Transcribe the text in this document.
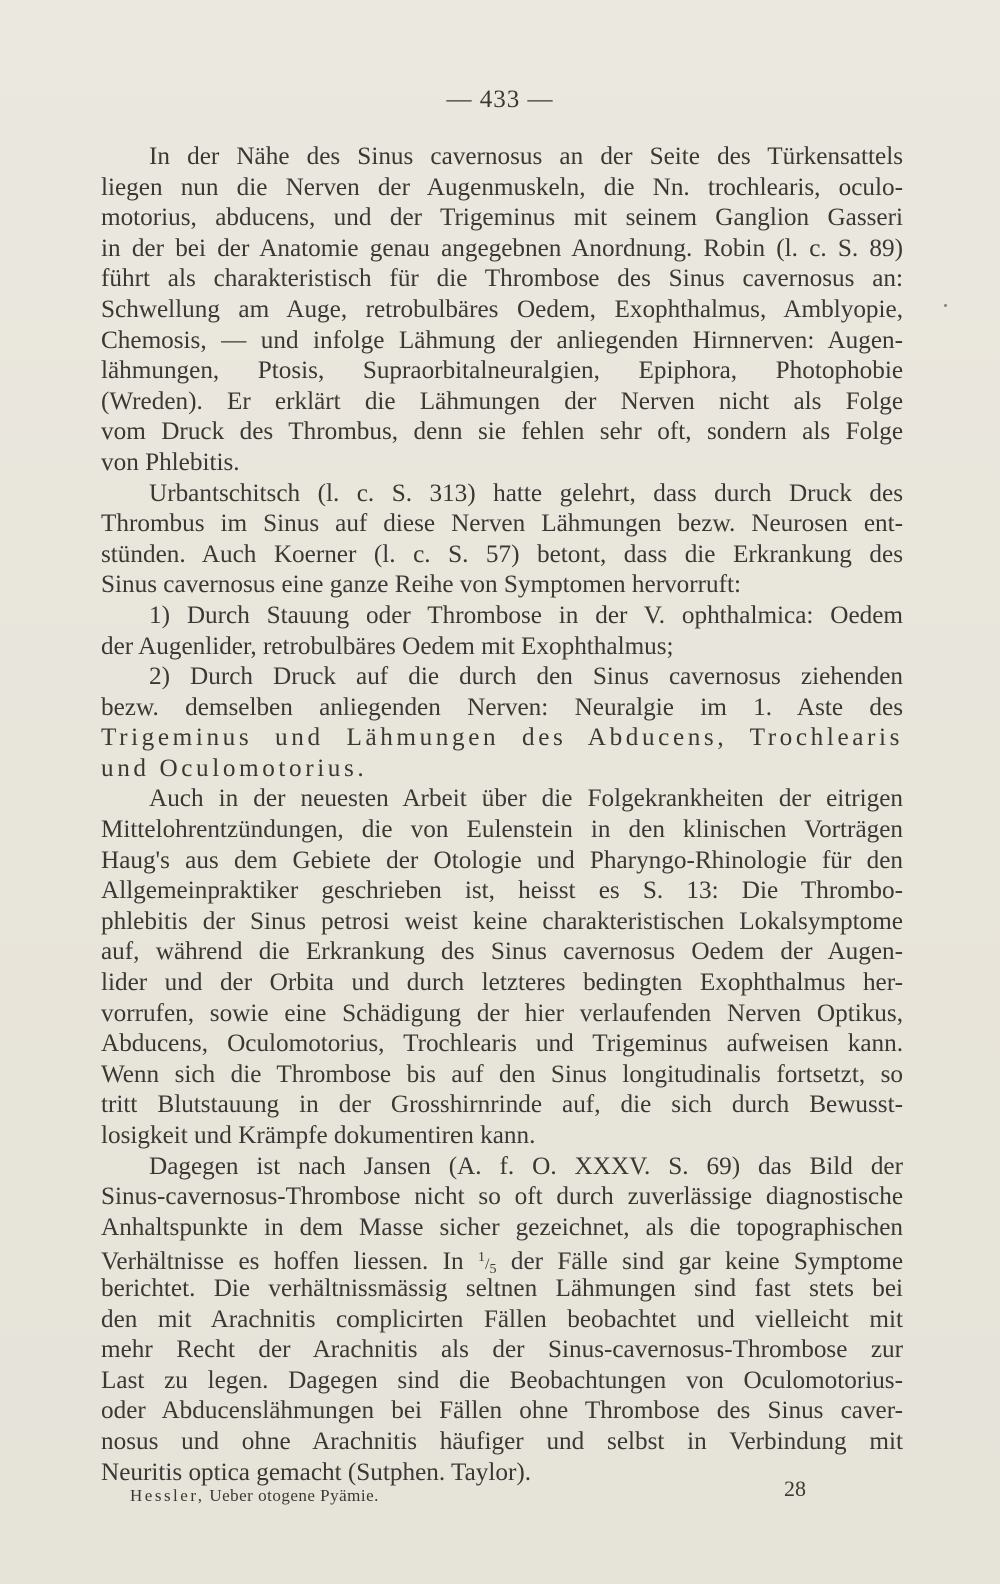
— 433 —
In der Nähe des Sinus cavernosus an der Seite des Türkensattels
liegen nun die Nerven der Augenmuskeln, die Nn. trochlearis, oculo-
motorius, abducens, und der Trigeminus mit seinem Ganglion Gasseri
in der bei der Anatomie genau angegebnen Anordnung. Robin (l. c. S. 89)
führt als charakteristisch für die Thrombose des Sinus cavernosus an:
Schwellung am Auge, retrobulbäres Oedem, Exophthalmus, Amblyopie,
Chemosis, — und infolge Lähmung der anliegenden Hirnnerven: Augen-
lähmungen, Ptosis, Supraorbitalneuralgien, Epiphora, Photophobie
(Wreden). Er erklärt die Lähmungen der Nerven nicht als Folge
vom Druck des Thrombus, denn sie fehlen sehr oft, sondern als Folge
von Phlebitis.
Urbantschitsch (l. c. S. 313) hatte gelehrt, dass durch Druck des
Thrombus im Sinus auf diese Nerven Lähmungen bezw. Neurosen ent-
stünden. Auch Koerner (l. c. S. 57) betont, dass die Erkrankung des
Sinus cavernosus eine ganze Reihe von Symptomen hervorruft:
1) Durch Stauung oder Thrombose in der V. ophthalmica: Oedem
der Augenlider, retrobulbäres Oedem mit Exophthalmus;
2) Durch Druck auf die durch den Sinus cavernosus ziehenden
bezw. demselben anliegenden Nerven: Neuralgie im 1. Aste des
Trigeminus und Lähmungen des Abducens, Trochlearis
und Oculomotorius.
Auch in der neuesten Arbeit über die Folgekrankheiten der eitrigen
Mittelohrentzündungen, die von Eulenstein in den klinischen Vorträgen
Haug's aus dem Gebiete der Otologie und Pharyngo-Rhinologie für den
Allgemeinpraktiker geschrieben ist, heisst es S. 13: Die Thrombo-
phlebitis der Sinus petrosi weist keine charakteristischen Lokalsymptome
auf, während die Erkrankung des Sinus cavernosus Oedem der Augen-
lider und der Orbita und durch letzteres bedingten Exophthalmus her-
vorrufen, sowie eine Schädigung der hier verlaufenden Nerven Optikus,
Abducens, Oculomotorius, Trochlearis und Trigeminus aufweisen kann.
Wenn sich die Thrombose bis auf den Sinus longitudinalis fortsetzt, so
tritt Blutstauung in der Grosshirnrinde auf, die sich durch Bewusst-
losigkeit und Krämpfe dokumentiren kann.
Dagegen ist nach Jansen (A. f. O. XXXV. S. 69) das Bild der
Sinus-cavernosus-Thrombose nicht so oft durch zuverlässige diagnostische
Anhaltspunkte in dem Masse sicher gezeichnet, als die topographischen
Verhältnisse es hoffen liessen. In $^1/_5$ der Fälle sind gar keine Symptome
berichtet. Die verhältnissmässig seltnen Lähmungen sind fast stets bei
den mit Arachnitis complicirten Fällen beobachtet und vielleicht mit
mehr Recht der Arachnitis als der Sinus-cavernosus-Thrombose zur
Last zu legen. Dagegen sind die Beobachtungen von Oculomotorius-
oder Abducenslähmungen bei Fällen ohne Thrombose des Sinus caver-
nosus und ohne Arachnitis häufiger und selbst in Verbindung mit
Neuritis optica gemacht (Sutphen. Taylor).
Hessler, Ueber otogene Pyämie.	28
